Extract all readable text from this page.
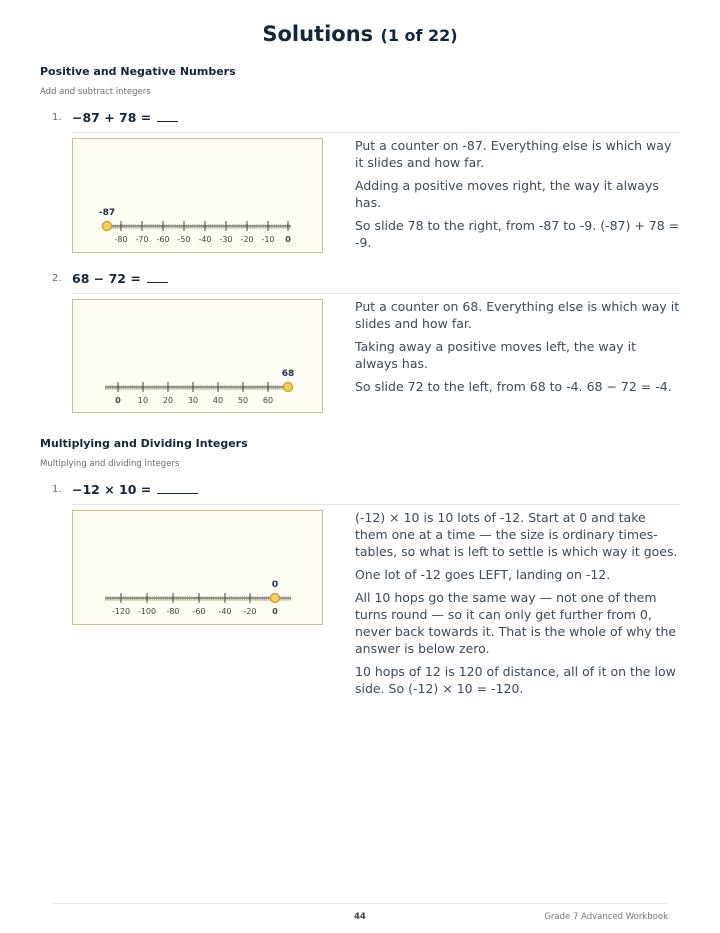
Solutions (1 of 22)
Positive and Negative Numbers
Add and subtract integers
1. −87 + 78 =
-80 -70 -60 -50 -40 -30 -20 -10 0
-87

Put a counter on -87. Everything else is which way it slides and how far.

Adding a positive moves right, the way it always has.

So slide 78 to the right, from -87 to -9. (-87) + 78 = -9.

2. 68 − 72 =
0 10 20 30 40 50 60
68

Put a counter on 68. Everything else is which way it slides and how far.

Taking away a positive moves left, the way it always has.

So slide 72 to the left, from 68 to -4. 68 − 72 = -4.

Multiplying and Dividing Integers
Multiplying and dividing integers
1. −12 × 10 =
-120 -100 -80 -60 -40 -20 0
0

(-12) × 10 is 10 lots of -12. Start at 0 and take them one at a time — the size is ordinary times-tables, so what is left to settle is which way it goes.

One lot of -12 goes LEFT, landing on -12.

All 10 hops go the same way — not one of them turns round — so it can only get further from 0, never back towards it. That is the whole of why the answer is below zero.

10 hops of 12 is 120 of distance, all of it on the low side. So (-12) × 10 = -120.

44	Grade 7 Advanced Workbook
